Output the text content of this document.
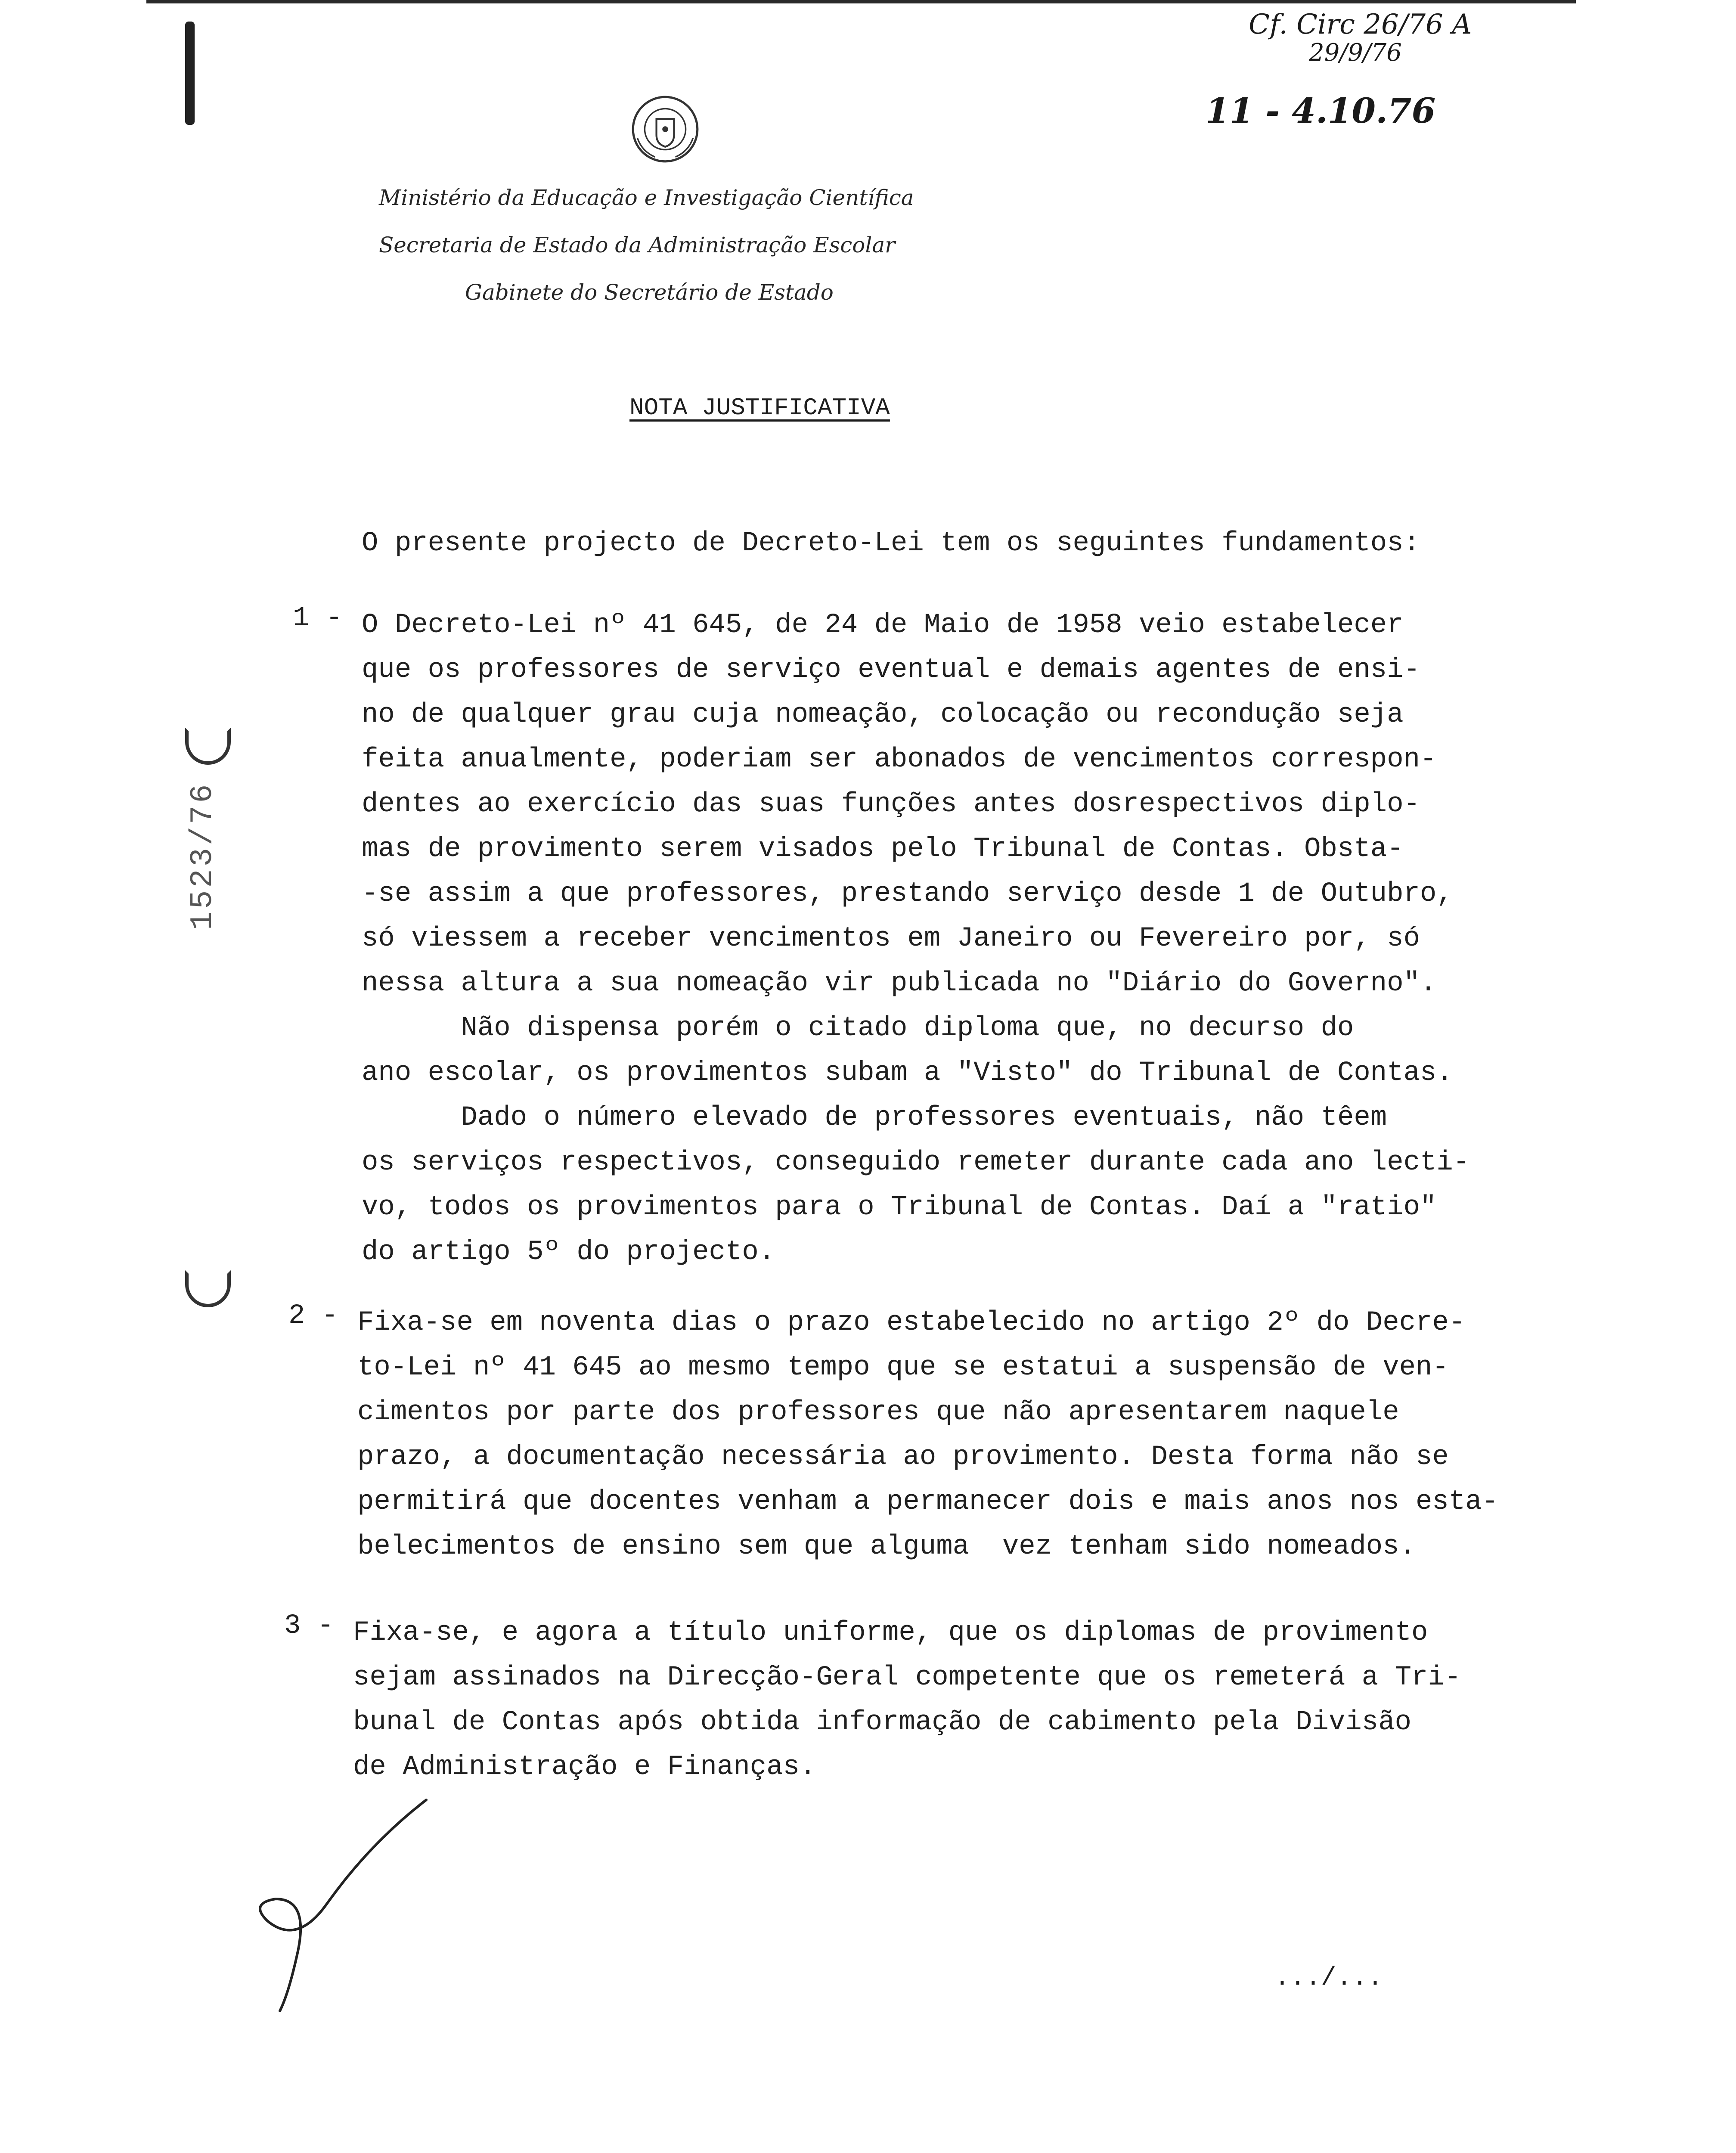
Cf. Circ 26/76 A
29/9/76
11 - 4.10.76
1523/76
Ministério da Educação e Investigação Científica
Secretaria de Estado da Administração Escolar
Gabinete do Secretário de Estado
NOTA JUSTIFICATIVA
O presente projecto de Decreto-Lei tem os seguintes fundamentos:
1 - O Decreto-Lei nº 41 645, de 24 de Maio de 1958 veio estabelecer
que os professores de serviço eventual e demais agentes de ensi-
no de qualquer grau cuja nomeação, colocação ou recondução seja
feita anualmente, poderiam ser abonados de vencimentos correspon-
dentes ao exercício das suas funções antes dosrespectivos diplo-
mas de provimento serem visados pelo Tribunal de Contas. Obsta-
-se assim a que professores, prestando serviço desde 1 de Outubro,
só viessem a receber vencimentos em Janeiro ou Fevereiro por, só
nessa altura a sua nomeação vir publicada no "Diário do Governo".
Não dispensa porém o citado diploma que, no decurso do
ano escolar, os provimentos subam a "Visto" do Tribunal de Contas.
Dado o número elevado de professores eventuais, não têem
os serviços respectivos, conseguido remeter durante cada ano lecti-
vo, todos os provimentos para o Tribunal de Contas. Daí a "ratio"
do artigo 5º do projecto.
2 - Fixa-se em noventa dias o prazo estabelecido no artigo 2º do Decre-
to-Lei nº 41 645 ao mesmo tempo que se estatui a suspensão de ven-
cimentos por parte dos professores que não apresentarem naquele
prazo, a documentação necessária ao provimento. Desta forma não se
permitirá que docentes venham a permanecer dois e mais anos nos esta-
belecimentos de ensino sem que alguma  vez tenham sido nomeados.
3 - Fixa-se, e agora a título uniforme, que os diplomas de provimento
sejam assinados na Direcção-Geral competente que os remeterá a Tri-
bunal de Contas após obtida informação de cabimento pela Divisão
de Administração e Finanças.
.../...
